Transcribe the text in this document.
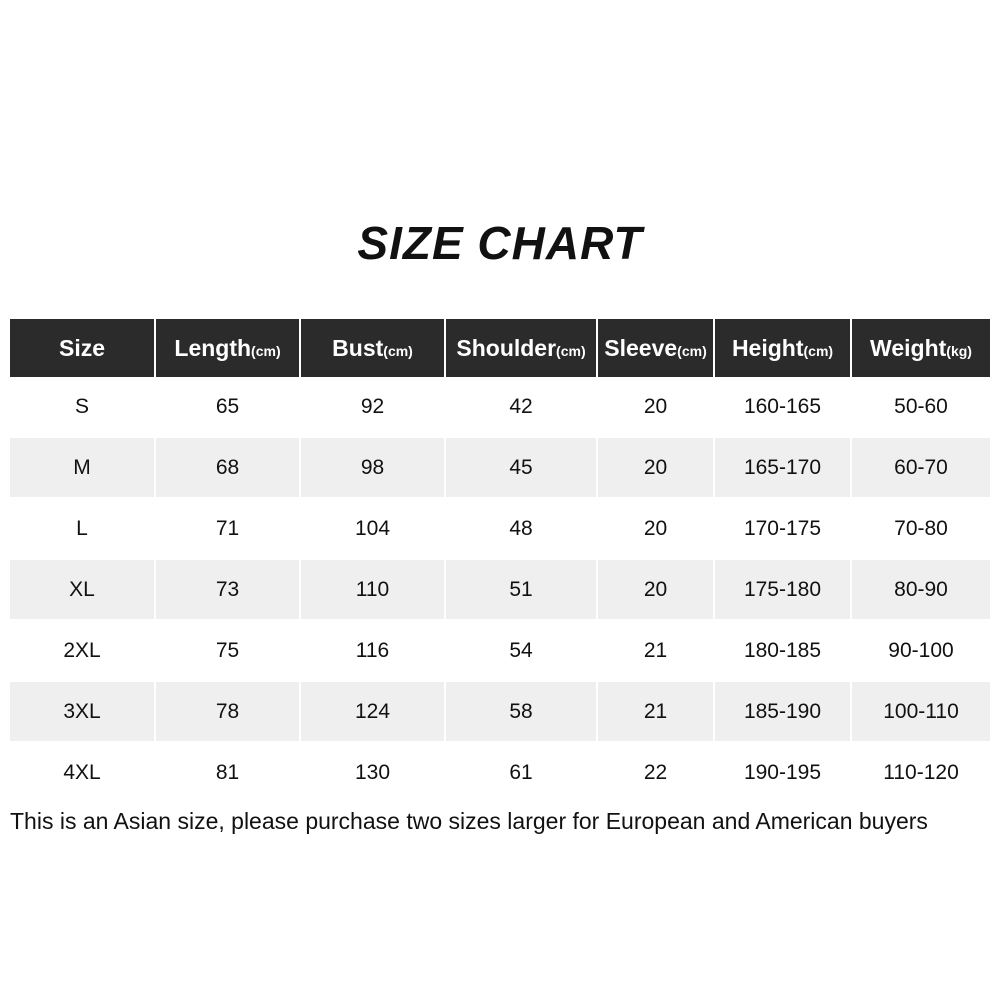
SIZE CHART
Size	Length(cm)	Bust(cm)	Shoulder(cm)	Sleeve(cm)	Height(cm)	Weight(kg)
S	65	92	42	20	160-165	50-60
M	68	98	45	20	165-170	60-70
L	71	104	48	20	170-175	70-80
XL	73	110	51	20	175-180	80-90
2XL	75	116	54	21	180-185	90-100
3XL	78	124	58	21	185-190	100-110
4XL	81	130	61	22	190-195	110-120
This is an Asian size, please purchase two sizes larger for European and American buyers
